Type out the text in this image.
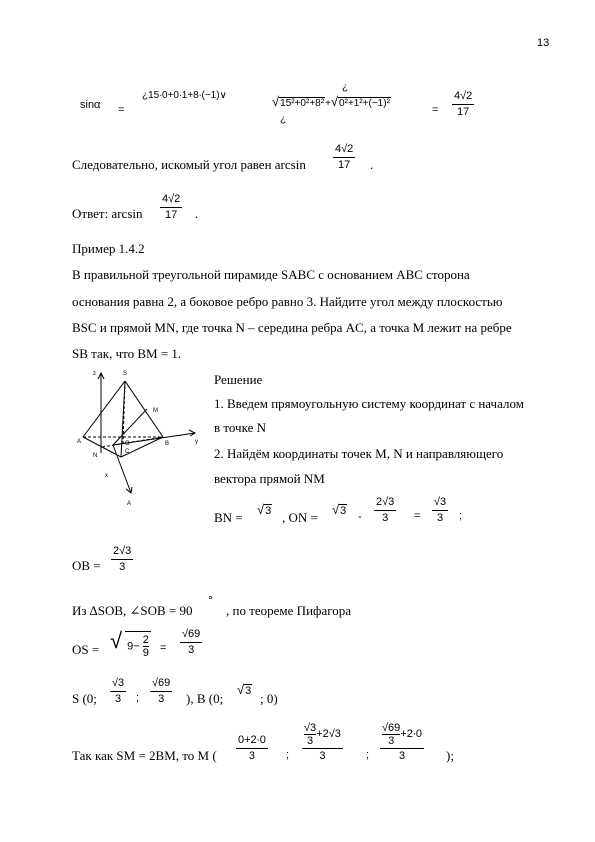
13
sinα =
¿
¿15∙0+0∙1+8∙(−1)∨	√15²+0²+8²+√0²+1²+(−1)²
¿
=
4√2
17
Следовательно, искомый угол равен arcsin
4√2
17 .
Ответ: arcsin
4√2
17 .
Пример 1.4.2
В правильной треугольной пирамиде SABC с основанием ABC сторона
основания равна 2, а боковое ребро равно 3. Найдите угол между плоскостью
BSC и прямой MN, где точка N – середина ребра AC, а точка M лежит на ребре
SB так, что BM = 1.
z	S
M
A
N
C
O	B	y
x
A
Решение
1. Введем прямоугольную систему координат с началом
в точке N
2. Найдём координаты точек M, N и направляющего
вектора прямой NM
BN =
√3 , ON =
√3 -
2√3
3 =
√3
3 ;
OB =
2√3
3
Из ∆SOB, ∠SOB = 90
°
, по теореме Пифагора
OS = √ $9- \frac{2}{9}$ =
√69
3
S (0;
√3
3 ;
√69
3 ), B (0;
√3 ; 0)
Так как SM = 2BM, то M (
0+2∙0
3	;
√3
3
+2√3
3	;
√69
3
+2∙0
3	);
